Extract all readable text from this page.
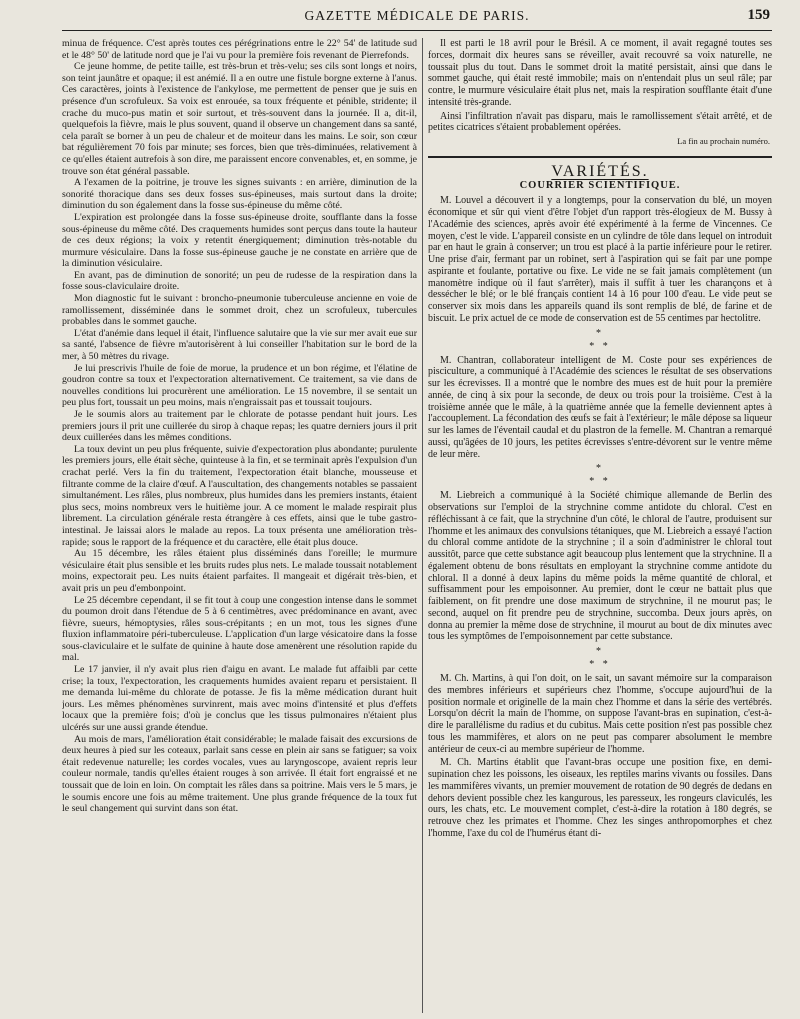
GAZETTE MÉDICALE DE PARIS.	159

minua de fréquence. C'est après toutes ces pérégrinations entre le 22° 54' de latitude sud et le 48° 50' de latitude nord que je l'ai vu pour la première fois revenant de Pierrefonds.

Ce jeune homme, de petite taille, est très-brun et très-velu; ses cils sont longs et noirs, son teint jaunâtre et opaque; il est anémié. Il a en outre une fistule borgne externe à l'anus. Ces caractères, joints à l'existence de l'ankylose, me permettent de penser que je suis en présence d'un scrofuleux. Sa voix est enrouée, sa toux fréquente et pénible, stridente; il crache du muco-pus matin et soir surtout, et très-souvent dans la journée. Il a, dit-il, quelquefois la fièvre, mais le plus souvent, quand il observe un changement dans sa santé, cela paraît se borner à un peu de chaleur et de moiteur dans les mains. Le soir, son cœur bat régulièrement 70 fois par minute; ses forces, bien que très-diminuées, relativement à ce qu'elles étaient autrefois à son dire, me paraissent encore convenables, et, en somme, je trouve son état général passable.

A l'examen de la poitrine, je trouve les signes suivants : en arrière, diminution de la sonorité thoracique dans ses deux fosses sus-épineuses, mais surtout dans la droite; diminution du son également dans la fosse sus-épineuse du même côté.

L'expiration est prolongée dans la fosse sus-épineuse droite, soufflante dans la fosse sous-épineuse du même côté. Des craquements humides sont perçus dans toute la hauteur de ces deux régions; la voix y retentit énergiquement; diminution très-notable du murmure vésiculaire. Dans la fosse sus-épineuse gauche je ne constate en arrière que de la diminution vésiculaire.

En avant, pas de diminution de sonorité; un peu de rudesse de la respiration dans la fosse sous-claviculaire droite.

Mon diagnostic fut le suivant : broncho-pneumonie tuberculeuse ancienne en voie de ramollissement, disséminée dans le sommet droit, chez un scrofuleux, tubercules probables dans le sommet gauche.

L'état d'anémie dans lequel il était, l'influence salutaire que la vie sur mer avait eue sur sa santé, l'absence de fièvre m'autorisèrent à lui conseiller l'habitation sur le bord de la mer, à 50 mètres du rivage.

Je lui prescrivis l'huile de foie de morue, la prudence et un bon régime, et l'élatine de goudron contre sa toux et l'expectoration alternativement. Ce traitement, sa vie dans de nouvelles conditions lui procurèrent une amélioration. Le 15 novembre, il se sentait un peu plus fort, toussait un peu moins, mais n'engraissait pas et toussait toujours.

Je le soumis alors au traitement par le chlorate de potasse pendant huit jours. Les premiers jours il prit une cuillerée du sirop à chaque repas; les quatre derniers jours il prit deux cuillerées dans les mêmes conditions.

La toux devint un peu plus fréquente, suivie d'expectoration plus abondante; purulente les premiers jours, elle était sèche, quinteuse à la fin, et se terminait après l'expulsion d'un crachat perlé. Vers la fin du traitement, l'expectoration était blanche, mousseuse et filtrante comme de la claire d'œuf. A l'auscultation, des changements notables se passaient simultanément. Les râles, plus nombreux, plus humides dans les premiers instants, étaient plus secs, moins nombreux vers le huitième jour. A ce moment le malade respirait plus librement. La circulation générale resta étrangère à ces effets, ainsi que le tube gastro-intestinal. Je laissai alors le malade au repos. La toux présenta une amélioration très-rapide; sous le rapport de la fréquence et du caractère, elle était plus douce.

Au 15 décembre, les râles étaient plus disséminés dans l'oreille; le murmure vésiculaire était plus sensible et les bruits rudes plus nets. Le malade toussait notablement moins, expectorait peu. Les nuits étaient parfaites. Il mangeait et digérait très-bien, et avait pris un peu d'embonpoint.

Le 25 décembre cependant, il se fit tout à coup une congestion intense dans le sommet du poumon droit dans l'étendue de 5 à 6 centimètres, avec prédominance en avant, avec fièvre, sueurs, hémoptysies, râles sous-crépitants ; en un mot, tous les signes d'une fluxion inflammatoire péri-tuberculeuse. L'application d'un large vésicatoire dans la fosse sous-claviculaire et le sulfate de quinine à haute dose amenèrent une résolution rapide du mal.

Le 17 janvier, il n'y avait plus rien d'aigu en avant. Le malade fut affaibli par cette crise; la toux, l'expectoration, les craquements humides avaient reparu et persistaient. Il me demanda lui-même du chlorate de potasse. Je fis la même médication durant huit jours. Les mêmes phénomènes survinrent, mais avec moins d'intensité et plus d'effets locaux que la première fois; d'où je conclus que les tissus pulmonaires n'étaient plus ulcérés sur une aussi grande étendue.

Au mois de mars, l'amélioration était considérable; le malade faisait des excursions de deux heures à pied sur les coteaux, parlait sans cesse en plein air sans se fatiguer; sa voix était redevenue naturelle; les cordes vocales, vues au laryngoscope, avaient repris leur couleur normale, tandis qu'elles étaient rouges à son arrivée. Il était fort engraissé et ne toussait que de loin en loin. On comptait les râles dans sa poitrine. Mais vers le 5 mars, je le soumis encore une fois au même traitement. Une plus grande fréquence de la toux fut le seul changement qui survint dans son état.

Il est parti le 18 avril pour le Brésil. A ce moment, il avait regagné toutes ses forces, dormait dix heures sans se réveiller, avait recouvré sa voix naturelle, ne toussait plus du tout. Dans le sommet droit la matité persistait, ainsi que dans le sommet gauche, qui était resté immobile; mais on n'entendait plus un seul râle; par contre, le murmure vésiculaire était plus net, mais la respiration soufflante était d'une intensité très-grande.

Ainsi l'infiltration n'avait pas disparu, mais le ramollissement s'était arrêté, et de petites cicatrices s'étaient probablement opérées.

La fin au prochain numéro.
VARIÉTÉS.
COURRIER SCIENTIFIQUE.

M. Louvel a découvert il y a longtemps, pour la conservation du blé, un moyen économique et sûr qui vient d'être l'objet d'un rapport très-élogieux de M. Bussy à l'Académie des sciences, après avoir été expérimenté à la ferme de Vincennes. Ce moyen, c'est le vide. L'appareil consiste en un cylindre de tôle dans lequel on introduit par en haut le grain à conserver; un trou est placé à la partie inférieure pour le retirer. Une prise d'air, fermant par un robinet, sert à l'aspiration qui se fait par une pompe aspirante et foulante, portative ou fixe. Le vide ne se fait jamais complètement (un manomètre indique où il faut s'arrêter), mais il suffit à tuer les charançons et à dessécher le blé; or le blé français contient 14 à 16 pour 100 d'eau. Le vide peut se conserver six mois dans les appareils quand ils sont remplis de blé, de farine et de biscuit. Le prix actuel de ce mode de conservation est de 55 centimes par hectolitre.

*
* *

M. Chantran, collaborateur intelligent de M. Coste pour ses expériences de pisciculture, a communiqué à l'Académie des sciences le résultat de ses observations sur les écrevisses. Il a montré que le nombre des mues est de huit pour la première année, de cinq à six pour la seconde, de deux ou trois pour la troisième. C'est à la troisième année que le mâle, à la quatrième année que la femelle deviennent aptes à l'accouplement. La fécondation des œufs se fait à l'extérieur; le mâle dépose sa liqueur sur les lames de l'éventail caudal et du plastron de la femelle. M. Chantran a remarqué aussi, qu'âgées de 10 jours, les petites écrevisses s'entre-dévorent sur le ventre même de leur mère.

*
* *

M. Liebreich a communiqué à la Société chimique allemande de Berlin des observations sur l'emploi de la strychnine comme antidote du chloral. C'est en réfléchissant à ce fait, que la strychnine d'un côté, le chloral de l'autre, produisent sur l'homme et les animaux des convulsions tétaniques, que M. Liebreich a essayé l'action du chloral comme antidote de la strychnine ; il a soin d'administrer le chloral tout aussitôt, parce que cette substance agit beaucoup plus lentement que la strychnine. Il a également obtenu de bons résultats en employant la strychnine comme antidote du chloral. Il a donné à deux lapins du même poids la même quantité de chloral, et suffisamment pour les empoisonner. Au premier, dont le cœur ne battait plus que faiblement, on fit prendre une dose maximum de strychnine, il ne mourut pas; le second, auquel on fit prendre peu de strychnine, succomba. Deux jours après, on donna au premier la même dose de strychnine, il mourut au bout de dix minutes avec tous les symptômes de l'empoisonnement par cette substance.

*
* *

M. Ch. Martins, à qui l'on doit, on le sait, un savant mémoire sur la comparaison des membres inférieurs et supérieurs chez l'homme, s'occupe aujourd'hui de la position normale et originelle de la main chez l'homme et dans la série des vertébrés. Lorsqu'on décrit la main de l'homme, on suppose l'avant-bras en supination, c'est-à-dire le parallélisme du radius et du cubitus. Mais cette position n'est pas possible chez tous les mammifères, et alors on ne peut pas comparer absolument le membre antérieur de ceux-ci au membre supérieur de l'homme.

M. Ch. Martins établit que l'avant-bras occupe une position fixe, en demi-supination chez les poissons, les oiseaux, les reptiles marins vivants ou fossiles. Dans les mammifères vivants, un premier mouvement de rotation de 90 degrés de dedans en dehors devient possible chez les kangurous, les paresseux, les rongeurs claviculés, les ours, les chats, etc. Le mouvement complet, c'est-à-dire la rotation à 180 degrés, se retrouve chez les primates et l'homme. Chez les singes anthropomorphes et chez l'homme, l'axe du col de l'humérus étant di-
